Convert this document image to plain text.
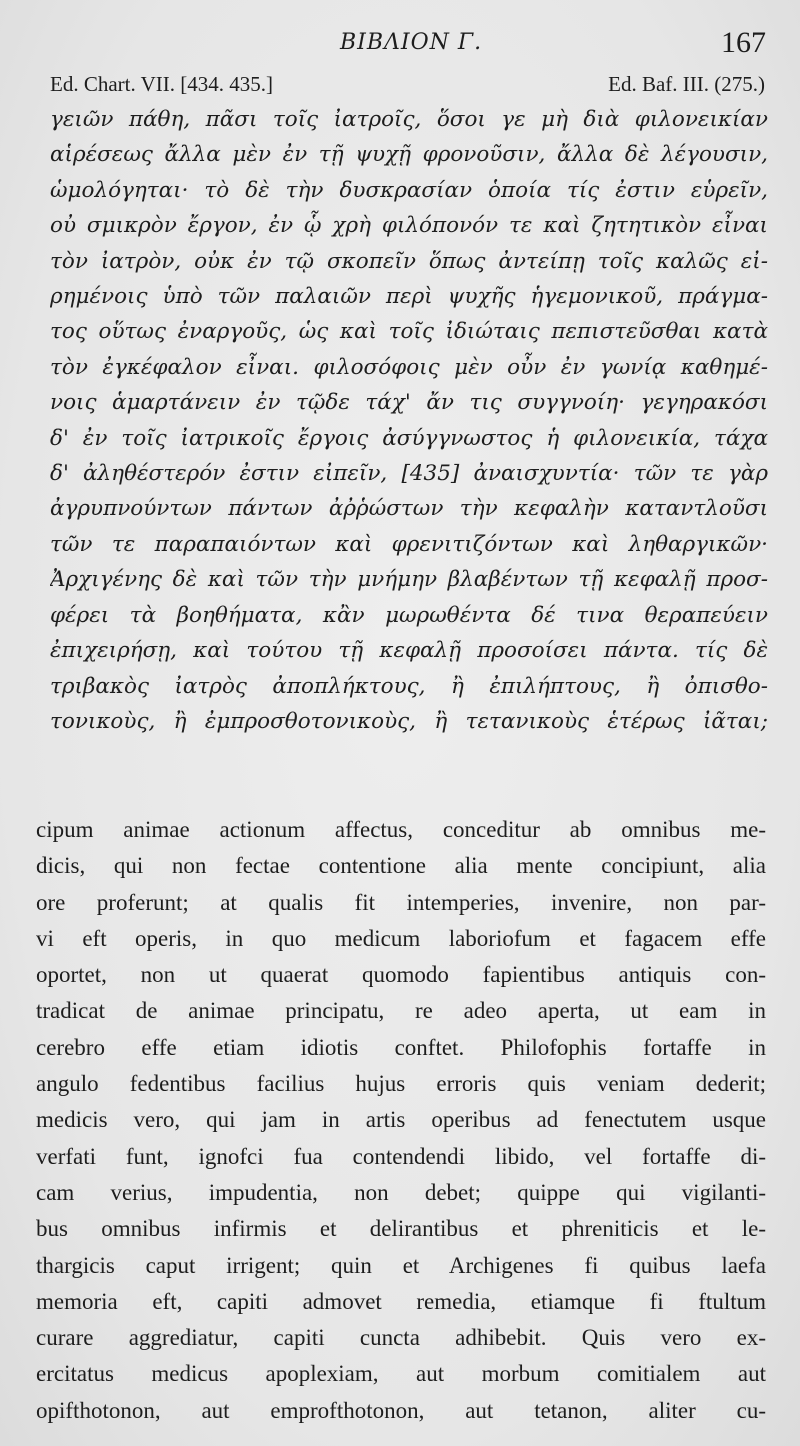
ΒΙΒΛΙΟΝ Γ.	167
Ed. Chart. VII. [434. 435.]	Ed. Baf. III. (275.)
γειῶν πάθη, πᾶσι τοῖς ἰατροῖς, ὅσοι γε μὴ διὰ φιλονεικίαν
αἱρέσεως ἄλλα μὲν ἐν τῇ ψυχῇ φρονοῦσιν, ἄλλα δὲ λέγουσιν,
ὡμολόγηται· τὸ δὲ τὴν δυσκρασίαν ὁποία τίς ἐστιν εὑρεῖν,
οὐ σμικρὸν ἔργον, ἐν ᾧ χρὴ φιλόπονόν τε καὶ ζητητικὸν εἶναι
τὸν ἰατρὸν, οὐκ ἐν τῷ σκοπεῖν ὅπως ἀντείπῃ τοῖς καλῶς εἰ-
ρημένοις ὑπὸ τῶν παλαιῶν περὶ ψυχῆς ἡγεμονικοῦ, πράγμα-
τος οὕτως ἐναργοῦς, ὡς καὶ τοῖς ἰδιώταις πεπιστεῦσθαι κατὰ
τὸν ἐγκέφαλον εἶναι. φιλοσόφοις μὲν οὖν ἐν γωνίᾳ καθημέ-
νοις ἁμαρτάνειν ἐν τῷδε τάχ' ἄν τις συγγνοίη· γεγηρακόσι
δ' ἐν τοῖς ἰατρικοῖς ἔργοις ἀσύγγνωστος ἡ φιλονεικία, τάχα
δ' ἀληθέστερόν ἐστιν εἰπεῖν, [435] ἀναισχυντία· τῶν τε γὰρ
ἀγρυπνούντων πάντων ἀῤῥώστων τὴν κεφαλὴν καταντλοῦσι
τῶν τε παραπαιόντων καὶ φρενιτιζόντων καὶ ληθαργικῶν·
Ἀρχιγένης δὲ καὶ τῶν τὴν μνήμην βλαβέντων τῇ κεφαλῇ προσ-
φέρει τὰ βοηθήματα, κἂν μωρωθέντα δέ τινα θεραπεύειν
ἐπιχειρήσῃ, καὶ τούτου τῇ κεφαλῇ προσοίσει πάντα. τίς δὲ
τριβακὸς ἰατρὸς ἀποπλήκτους, ἢ ἐπιλήπτους, ἢ ὀπισθο-
τονικοὺς, ἢ ἐμπροσθοτονικοὺς, ἢ τετανικοὺς ἑτέρως ἰᾶται;
cipum animae actionum affectus, conceditur ab omnibus me-
dicis, qui non fectae contentione alia mente concipiunt, alia
ore proferunt; at qualis fit intemperies, invenire, non par-
vi eft operis, in quo medicum laboriofum et fagacem effe
oportet, non ut quaerat quomodo fapientibus antiquis con-
tradicat de animae principatu, re adeo aperta, ut eam in
cerebro effe etiam idiotis conftet. Philofophis fortaffe in
angulo fedentibus facilius hujus erroris quis veniam dederit;
medicis vero, qui jam in artis operibus ad fenectutem usque
verfati funt, ignofci fua contendendi libido, vel fortaffe di-
cam verius, impudentia, non debet; quippe qui vigilanti-
bus omnibus infirmis et delirantibus et phreniticis et le-
thargicis caput irrigent; quin et Archigenes fi quibus laefa
memoria eft, capiti admovet remedia, etiamque fi ftultum
curare aggrediatur, capiti cuncta adhibebit. Quis vero ex-
ercitatus medicus apoplexiam, aut morbum comitialem aut
opifthotonon, aut emprofthotonon, aut tetanon, aliter cu-
